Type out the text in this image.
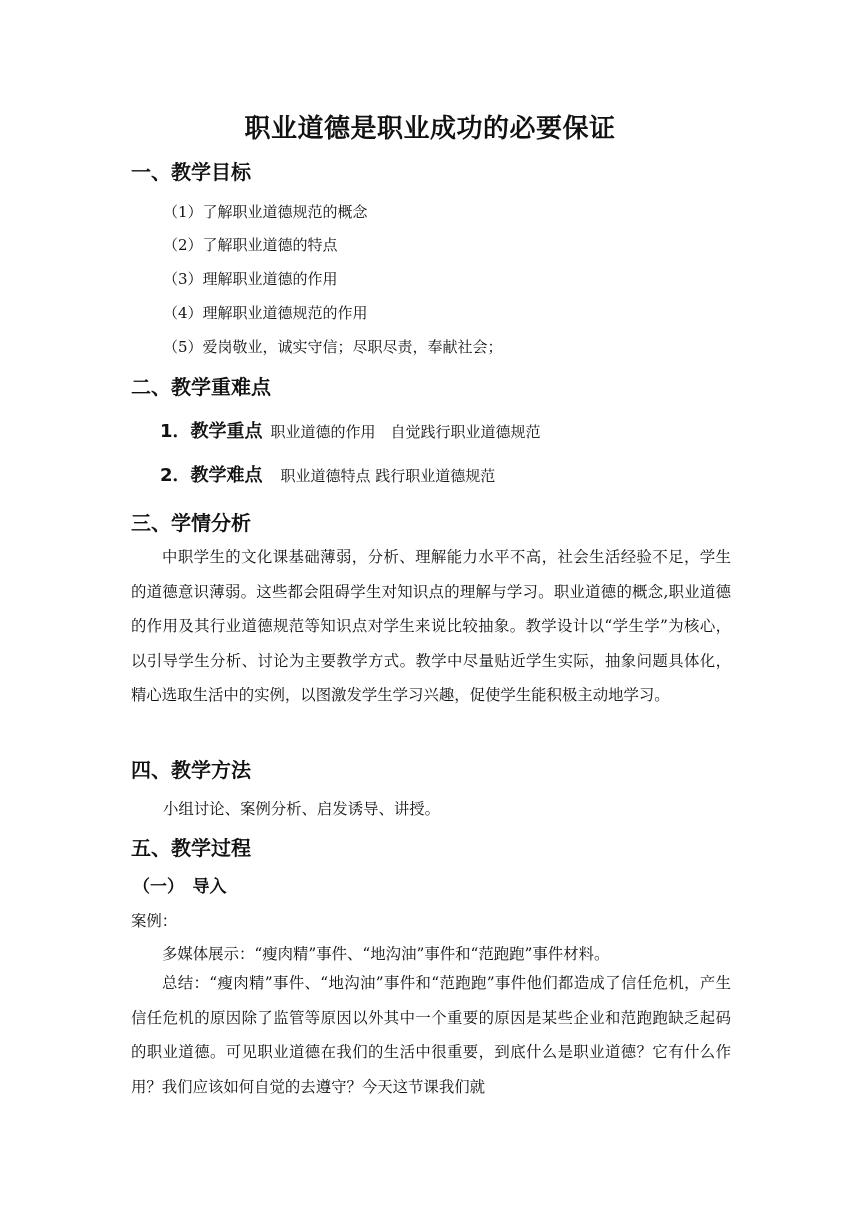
职业道德是职业成功的必要保证
一、教学目标
（1）了解职业道德规范的概念
（2）了解职业道德的特点
（3）理解职业道德的作用
（4）理解职业道德规范的作用
（5）爱岗敬业，诚实守信；尽职尽责，奉献社会；
二、教学重难点
1．教学重点 职业道德的作用　自觉践行职业道德规范
2．教学难点 职业道德特点 践行职业道德规范
三、学情分析
中职学生的文化课基础薄弱，分析、理解能力水平不高，社会生活经验不足，学生的道德意识薄弱。这些都会阻碍学生对知识点的理解与学习。职业道德的概念,职业道德的作用及其行业道德规范等知识点对学生来说比较抽象。教学设计以“学生学”为核心，以引导学生分析、讨论为主要教学方式。教学中尽量贴近学生实际，抽象问题具体化，精心选取生活中的实例，以图激发学生学习兴趣，促使学生能积极主动地学习。
四、教学方法
小组讨论、案例分析、启发诱导、讲授。
五、教学过程
（一）　导入
案例：
多媒体展示：“瘦肉精”事件、“地沟油”事件和“范跑跑”事件材料。
总结：“瘦肉精”事件、“地沟油”事件和“范跑跑”事件他们都造成了信任危机，产生信任危机的原因除了监管等原因以外其中一个重要的原因是某些企业和范跑跑缺乏起码的职业道德。可见职业道德在我们的生活中很重要，到底什么是职业道德？它有什么作用？我们应该如何自觉的去遵守？今天这节课我们就
